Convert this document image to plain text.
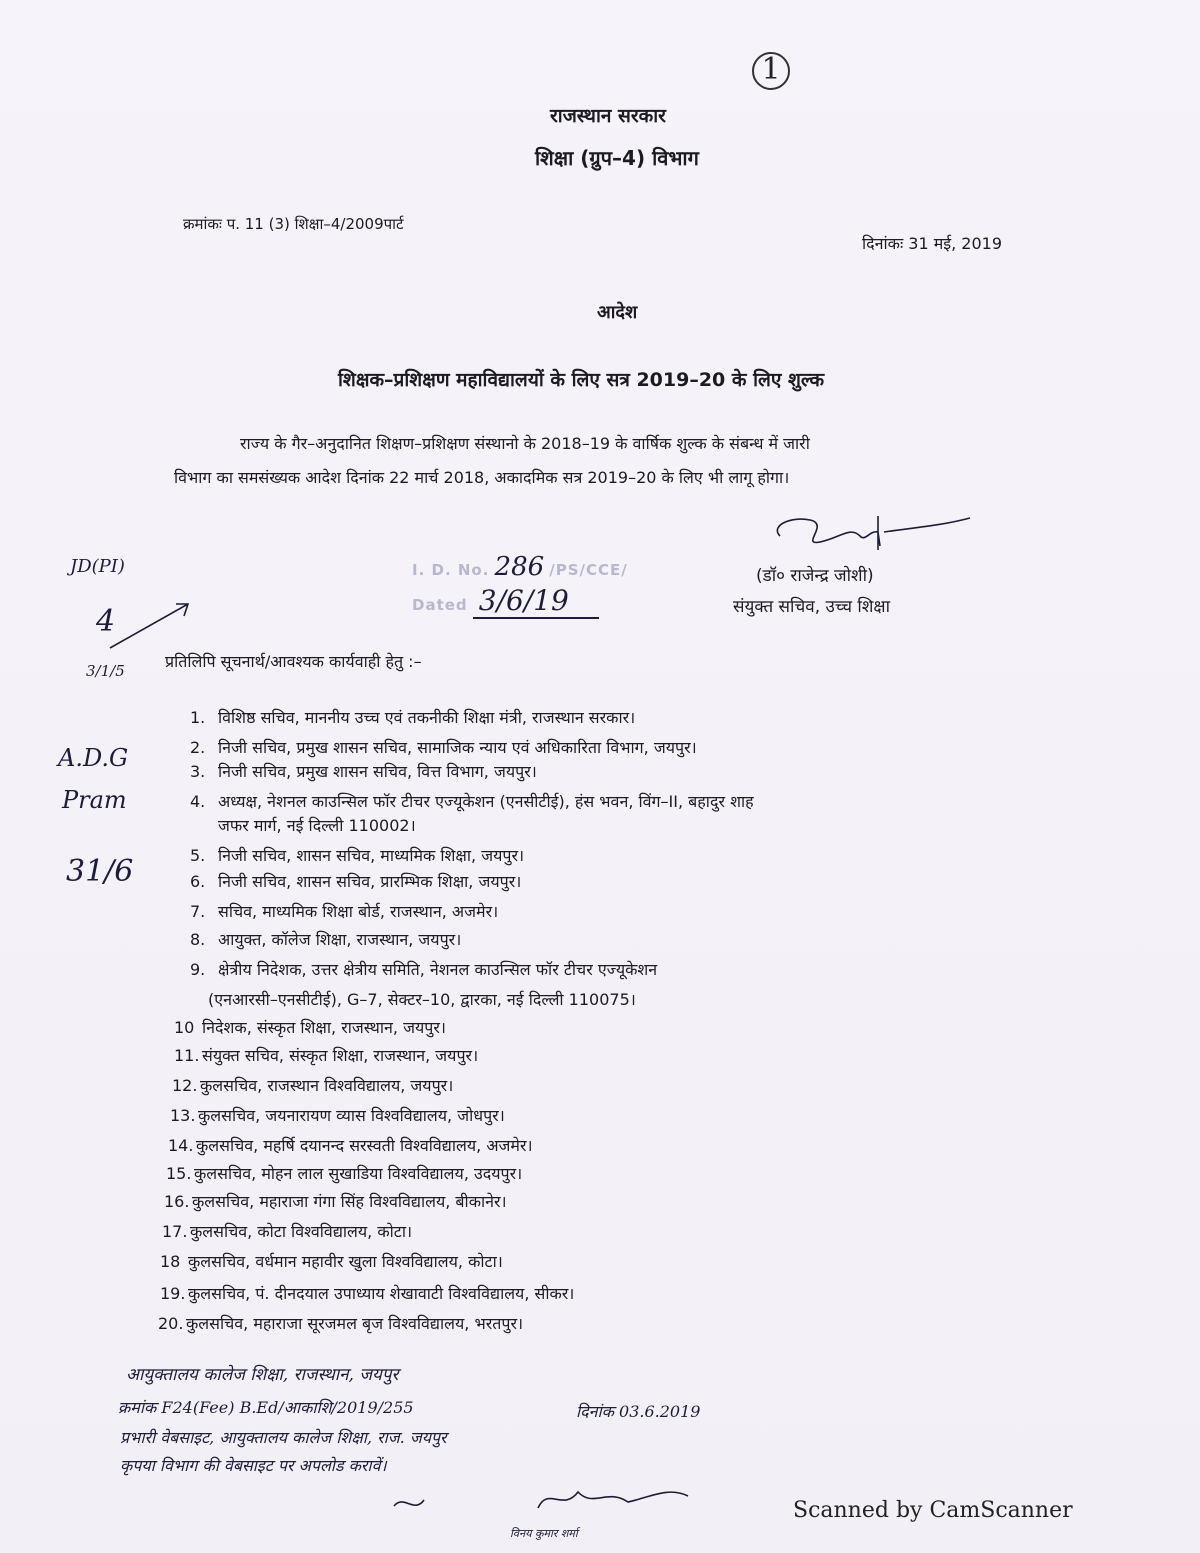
1
राजस्थान सरकार
शिक्षा (ग्रुप–4) विभाग
क्रमांकः प. 11 (3) शिक्षा–4/2009पार्ट
दिनांकः 31 मई, 2019
आदेश
शिक्षक–प्रशिक्षण महाविद्यालयों के लिए सत्र 2019–20 के लिए शुल्क
राज्य के गैर–अनुदानित शिक्षण–प्रशिक्षण संस्थानो के 2018–19 के वार्षिक शुल्क के संबन्ध में जारी
विभाग का समसंख्यक आदेश दिनांक 22 मार्च 2018, अकादमिक सत्र 2019–20 के लिए भी लागू होगा।
JD(PI)
4
3/1/5
A.D.G
Pram
31/6
I. D. No. 286 /PS/CCE/
Dated 3/6/19
(डॉ० राजेन्द्र जोशी)
संयुक्त सचिव, उच्च शिक्षा
प्रतिलिपि सूचनार्थ/आवश्यक कार्यवाही हेतु :–
1. विशिष्ठ सचिव, माननीय उच्च एवं तकनीकी शिक्षा मंत्री, राजस्थान सरकार।
2. निजी सचिव, प्रमुख शासन सचिव, सामाजिक न्याय एवं अधिकारिता विभाग, जयपुर।
3. निजी सचिव, प्रमुख शासन सचिव, वित्त विभाग, जयपुर।
4. अध्यक्ष, नेशनल काउन्सिल फॉर टीचर एज्यूकेशन (एनसीटीई), हंस भवन, विंग–II, बहादुर शाह
जफर मार्ग, नई दिल्ली 110002।
5. निजी सचिव, शासन सचिव, माध्यमिक शिक्षा, जयपुर।
6. निजी सचिव, शासन सचिव, प्रारम्भिक शिक्षा, जयपुर।
7. सचिव, माध्यमिक शिक्षा बोर्ड, राजस्थान, अजमेर।
8. आयुक्त, कॉलेज शिक्षा, राजस्थान, जयपुर।
9. क्षेत्रीय निदेशक, उत्तर क्षेत्रीय समिति, नेशनल काउन्सिल फॉर टीचर एज्यूकेशन
(एनआरसी–एनसीटीई), G–7, सेक्टर–10, द्वारका, नई दिल्ली 110075।
10 निदेशक, संस्कृत शिक्षा, राजस्थान, जयपुर।
11. संयुक्त सचिव, संस्कृत शिक्षा, राजस्थान, जयपुर।
12. कुलसचिव, राजस्थान विश्वविद्यालय, जयपुर।
13. कुलसचिव, जयनारायण व्यास विश्वविद्यालय, जोधपुर।
14. कुलसचिव, महर्षि दयानन्द सरस्वती विश्वविद्यालय, अजमेर।
15. कुलसचिव, मोहन लाल सुखाडिया विश्वविद्यालय, उदयपुर।
16. कुलसचिव, महाराजा गंगा सिंह विश्वविद्यालय, बीकानेर।
17. कुलसचिव, कोटा विश्वविद्यालय, कोटा।
18 कुलसचिव, वर्धमान महावीर खुला विश्वविद्यालय, कोटा।
19. कुलसचिव, पं. दीनदयाल उपाध्याय शेखावाटी विश्वविद्यालय, सीकर।
20. कुलसचिव, महाराजा सूरजमल बृज विश्वविद्यालय, भरतपुर।
आयुक्तालय कालेज शिक्षा, राजस्थान, जयपुर
क्रमांक F24(Fee) B.Ed/आकाशि/2019/255	दिनांक 03.6.2019
प्रभारी वेबसाइट, आयुक्तालय कालेज शिक्षा, राज. जयपुर
कृपया विभाग की वेबसाइट पर अपलोड करावें।
विनय कुमार शर्मा
Scanned by CamScanner
